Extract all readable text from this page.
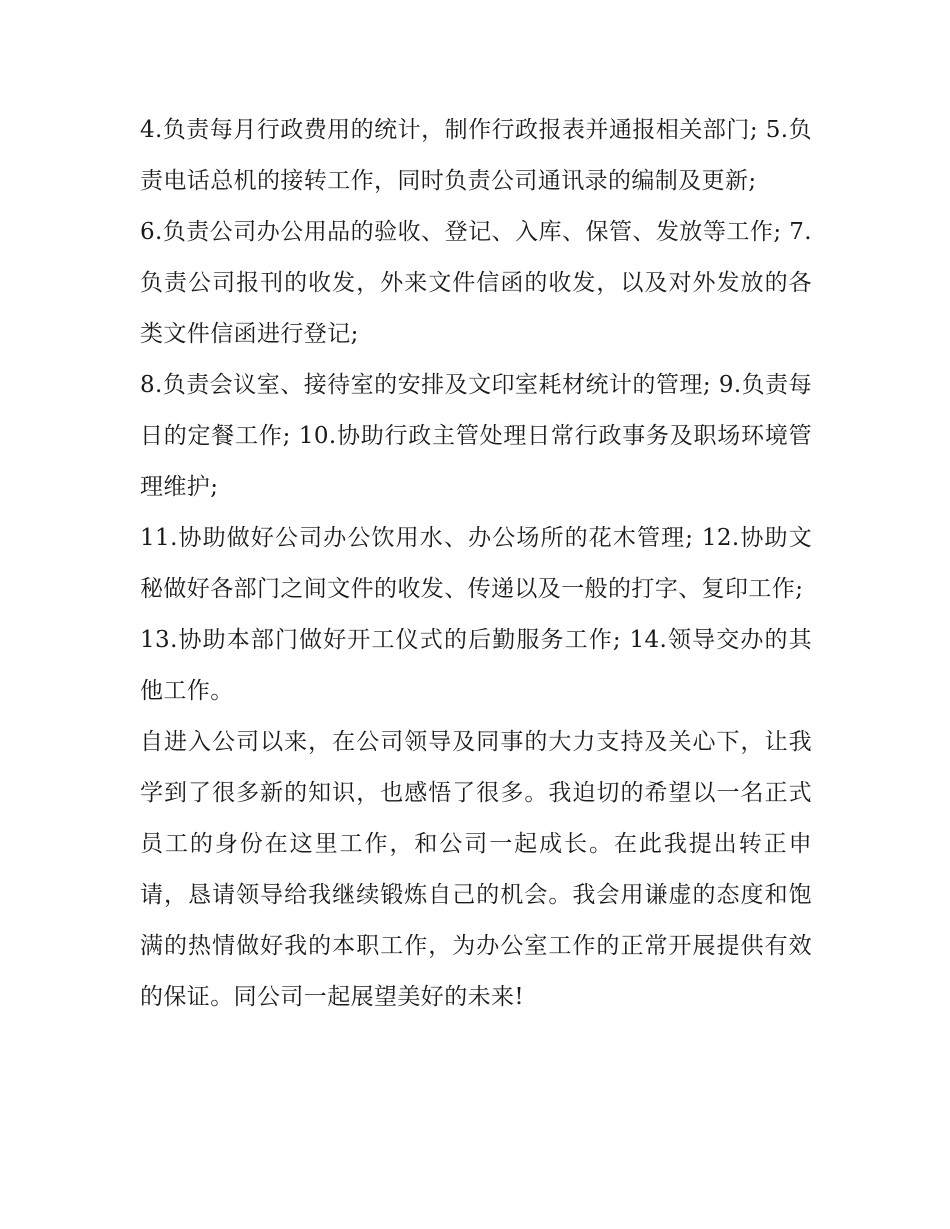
4.负责每月行政费用的统计，制作行政报表并通报相关部门; 5.负责电话总机的接转工作，同时负责公司通讯录的编制及更新;

6.负责公司办公用品的验收、登记、入库、保管、发放等工作; 7.负责公司报刊的收发，外来文件信函的收发，以及对外发放的各类文件信函进行登记;

8.负责会议室、接待室的安排及文印室耗材统计的管理; 9.负责每日的定餐工作; 10.协助行政主管处理日常行政事务及职场环境管理维护;

11.协助做好公司办公饮用水、办公场所的花木管理; 12.协助文秘做好各部门之间文件的收发、传递以及一般的打字、复印工作;

13.协助本部门做好开工仪式的后勤服务工作; 14.领导交办的其他工作。

自进入公司以来，在公司领导及同事的大力支持及关心下，让我学到了很多新的知识，也感悟了很多。我迫切的希望以一名正式员工的身份在这里工作，和公司一起成长。在此我提出转正申请，恳请领导给我继续锻炼自己的机会。我会用谦虚的态度和饱满的热情做好我的本职工作，为办公室工作的正常开展提供有效的保证。同公司一起展望美好的未来!
